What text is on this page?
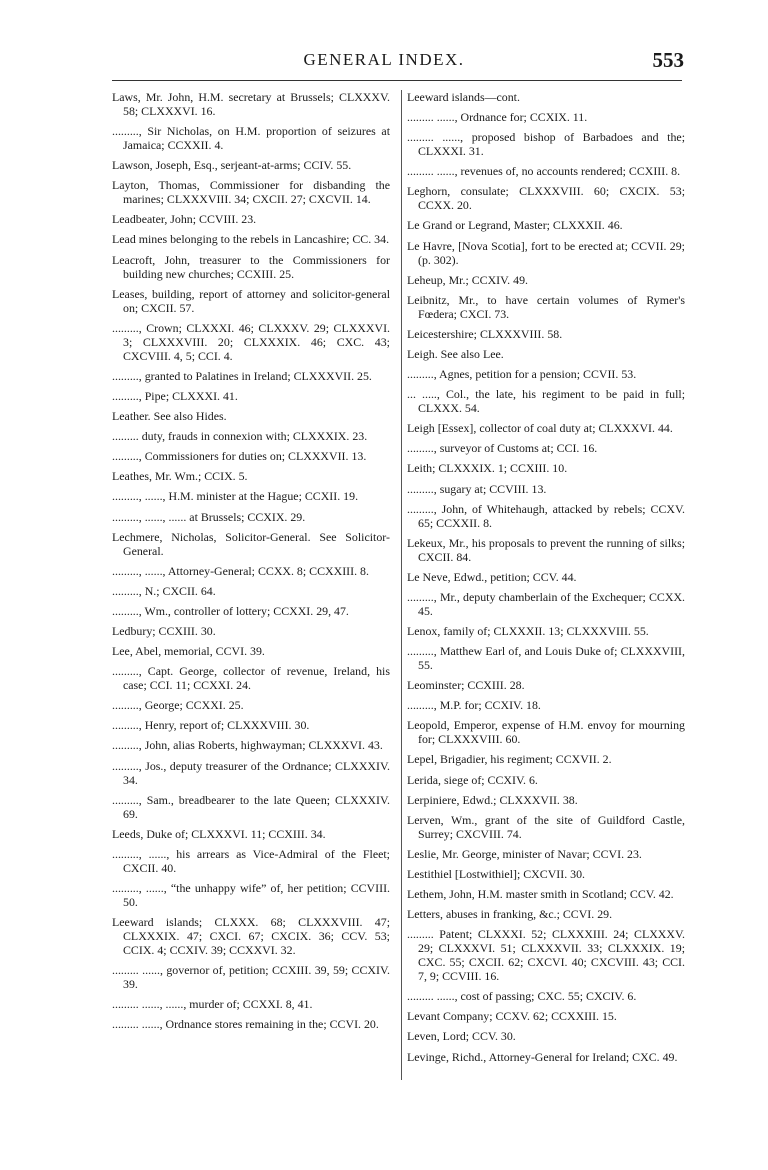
GENERAL INDEX.	553
Laws, Mr. John, H.M. secretary at Brussels; CLXXXV. 58; CLXXXVI. 16.
........., Sir Nicholas, on H.M. proportion of seizures at Jamaica; CCXXII. 4.
Lawson, Joseph, Esq., serjeant-at-arms; CCIV. 55.
Layton, Thomas, Commissioner for disbanding the marines; CLXXXVIII. 34; CXCII. 27; CXCVII. 14.
Leadbeater, John; CCVIII. 23.
Lead mines belonging to the rebels in Lancashire; CC. 34.
Leacroft, John, treasurer to the Commissioners for building new churches; CCXIII. 25.
Leases, building, report of attorney and solicitor-general on; CXCII. 57.
........., Crown; CLXXXI. 46; CLXXXV. 29; CLXXXVI. 3; CLXXXVIII. 20; CLXXXIX. 46; CXC. 43; CXCVIII. 4, 5; CCI. 4.
........., granted to Palatines in Ireland; CLXXXVII. 25.
........., Pipe; CLXXXI. 41.
Leather. See also Hides.
......... duty, frauds in connexion with; CLXXXIX. 23.
........., Commissioners for duties on; CLXXXVII. 13.
Leathes, Mr. Wm.; CCIX. 5.
........., ......, H.M. minister at the Hague; CCXII. 19.
........., ......, ...... at Brussels; CCXIX. 29.
Lechmere, Nicholas, Solicitor-General. See Solicitor-General.
........., ......, Attorney-General; CCXX. 8; CCXXIII. 8.
........., N.; CXCII. 64.
........., Wm., controller of lottery; CCXXI. 29, 47.
Ledbury; CCXIII. 30.
Lee, Abel, memorial, CCVI. 39.
........., Capt. George, collector of revenue, Ireland, his case; CCI. 11; CCXXI. 24.
........., George; CCXXI. 25.
........., Henry, report of; CLXXXVIII. 30.
........., John, alias Roberts, highwayman; CLXXXVI. 43.
........., Jos., deputy treasurer of the Ordnance; CLXXXIV. 34.
........., Sam., breadbearer to the late Queen; CLXXXIV. 69.
Leeds, Duke of; CLXXXVI. 11; CCXIII. 34.
........., ......, his arrears as Vice-Admiral of the Fleet; CXCII. 40.
........., ......, “the unhappy wife” of, her petition; CCVIII. 50.
Leeward islands; CLXXX. 68; CLXXXVIII. 47; CLXXXIX. 47; CXCI. 67; CXCIX. 36; CCV. 53; CCIX. 4; CCXIV. 39; CCXXVI. 32.
......... ......, governor of, petition; CCXIII. 39, 59; CCXIV. 39.
......... ......, ......, murder of; CCXXI. 8, 41.
......... ......, Ordnance stores remaining in the; CCVI. 20.
Leeward islands—cont.
......... ......, Ordnance for; CCXIX. 11.
......... ......, proposed bishop of Barbadoes and the; CLXXXI. 31.
......... ......, revenues of, no accounts rendered; CCXIII. 8.
Leghorn, consulate; CLXXXVIII. 60; CXCIX. 53; CCXX. 20.
Le Grand or Legrand, Master; CLXXXII. 46.
Le Havre, [Nova Scotia], fort to be erected at; CCVII. 29; (p. 302).
Leheup, Mr.; CCXIV. 49.
Leibnitz, Mr., to have certain volumes of Rymer's Fœdera; CXCI. 73.
Leicestershire; CLXXXVIII. 58.
Leigh. See also Lee.
........., Agnes, petition for a pension; CCVII. 53.
... ....., Col., the late, his regiment to be paid in full; CLXXX. 54.
Leigh [Essex], collector of coal duty at; CLXXXVI. 44.
........., surveyor of Customs at; CCI. 16.
Leith; CLXXXIX. 1; CCXIII. 10.
........., sugary at; CCVIII. 13.
........., John, of Whitehaugh, attacked by rebels; CCXV. 65; CCXXII. 8.
Lekeux, Mr., his proposals to prevent the running of silks; CXCII. 84.
Le Neve, Edwd., petition; CCV. 44.
........., Mr., deputy chamberlain of the Exchequer; CCXX. 45.
Lenox, family of; CLXXXII. 13; CLXXXVIII. 55.
........., Matthew Earl of, and Louis Duke of; CLXXXVIII, 55.
Leominster; CCXIII. 28.
........., M.P. for; CCXIV. 18.
Leopold, Emperor, expense of H.M. envoy for mourning for; CLXXXVIII. 60.
Lepel, Brigadier, his regiment; CCXVII. 2.
Lerida, siege of; CCXIV. 6.
Lerpiniere, Edwd.; CLXXXVII. 38.
Lerven, Wm., grant of the site of Guildford Castle, Surrey; CXCVIII. 74.
Leslie, Mr. George, minister of Navar; CCVI. 23.
Lestithiel [Lostwithiel]; CXCVII. 30.
Lethem, John, H.M. master smith in Scotland; CCV. 42.
Letters, abuses in franking, &c.; CCVI. 29.
......... Patent; CLXXXI. 52; CLXXXIII. 24; CLXXXV. 29; CLXXXVI. 51; CLXXXVII. 33; CLXXXIX. 19; CXC. 55; CXCII. 62; CXCVI. 40; CXCVIII. 43; CCI. 7, 9; CCVIII. 16.
......... ......, cost of passing; CXC. 55; CXCIV. 6.
Levant Company; CCXV. 62; CCXXIII. 15.
Leven, Lord; CCV. 30.
Levinge, Richd., Attorney-General for Ireland; CXC. 49.
